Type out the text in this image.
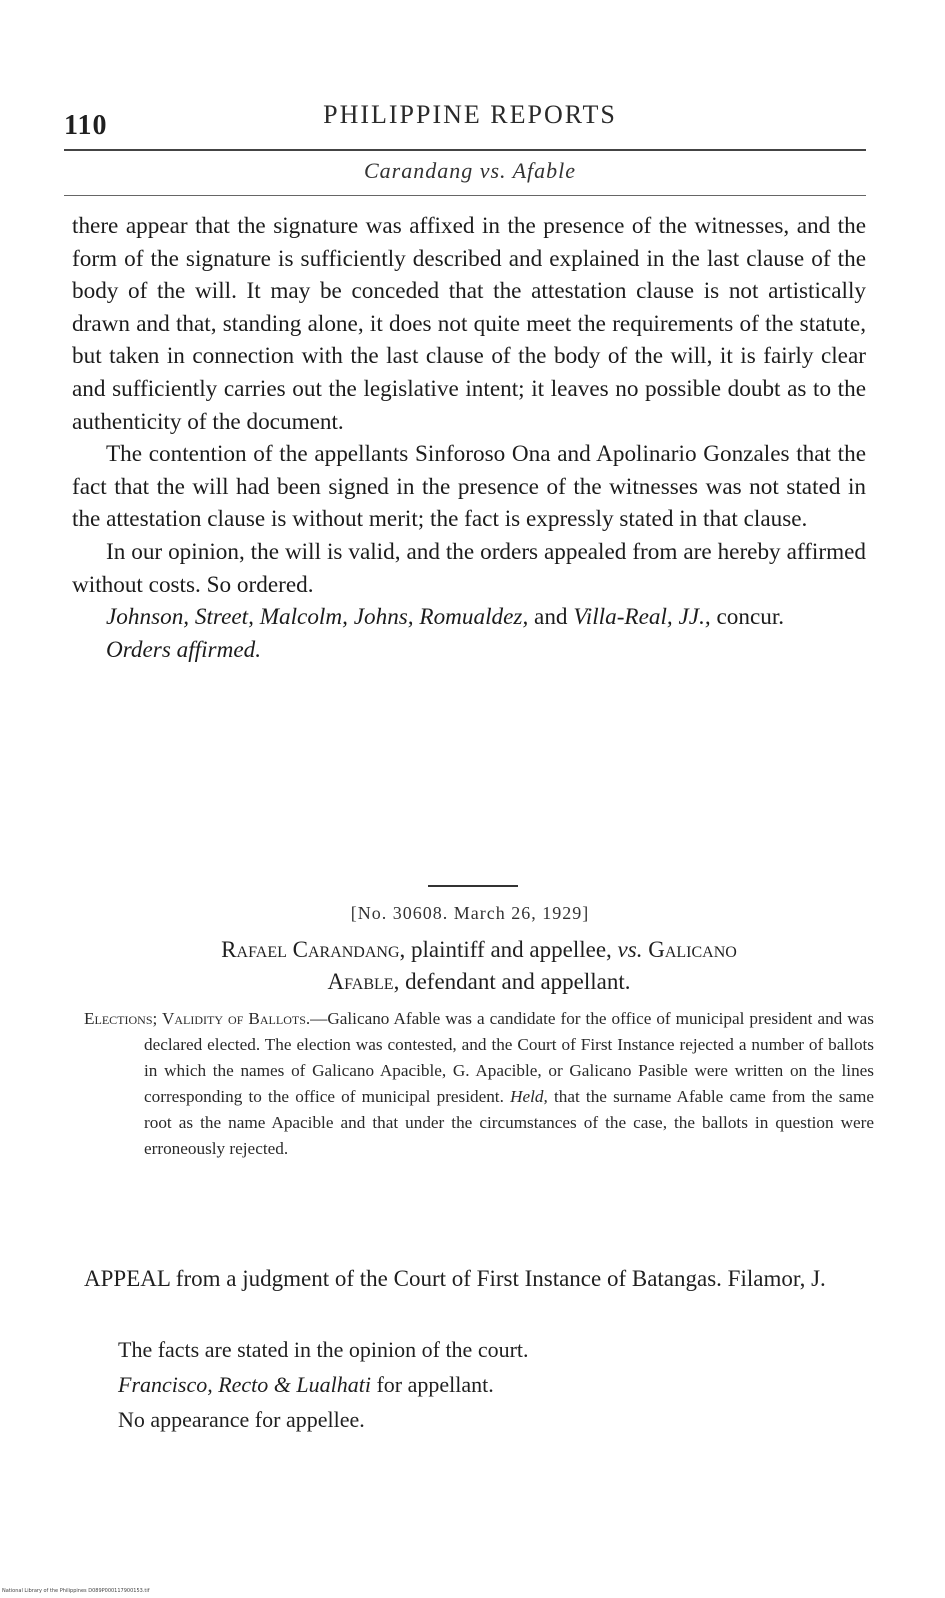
110	PHILIPPINE REPORTS
Carandang vs. Afable

there appear that the signature was affixed in the presence of the witnesses, and the form of the signature is sufficiently described and explained in the last clause of the body of the will. It may be conceded that the attestation clause is not artistically drawn and that, standing alone, it does not quite meet the requirements of the statute, but taken in connection with the last clause of the body of the will, it is fairly clear and sufficiently carries out the legislative intent; it leaves no possible doubt as to the authenticity of the document.

The contention of the appellants Sinforoso Ona and Apolinario Gonzales that the fact that the will had been signed in the presence of the witnesses was not stated in the attestation clause is without merit; the fact is expressly stated in that clause.

In our opinion, the will is valid, and the orders appealed from are hereby affirmed without costs. So ordered.

Johnson, Street, Malcolm, Johns, Romualdez, and Villa-Real, JJ., concur.

Orders affirmed.

[No. 30608. March 26, 1929]
Rafael Carandang, plaintiff and appellee, vs. Galicano
Afable, defendant and appellant.
Elections; Validity of Ballots.—Galicano Afable was a candidate for the office of municipal president and was declared elected. The election was contested, and the Court of First Instance rejected a number of ballots in which the names of Galicano Apacible, G. Apacible, or Galicano Pasible were written on the lines corresponding to the office of municipal president. Held, that the surname Afable came from the same root as the name Apacible and that under the circumstances of the case, the ballots in question were erroneously rejected.
APPEAL from a judgment of the Court of First Instance of Batangas. Filamor, J.

The facts are stated in the opinion of the court.

Francisco, Recto & Lualhati for appellant.

No appearance for appellee.

National Library of the Philippines D089P000117900153.tif
